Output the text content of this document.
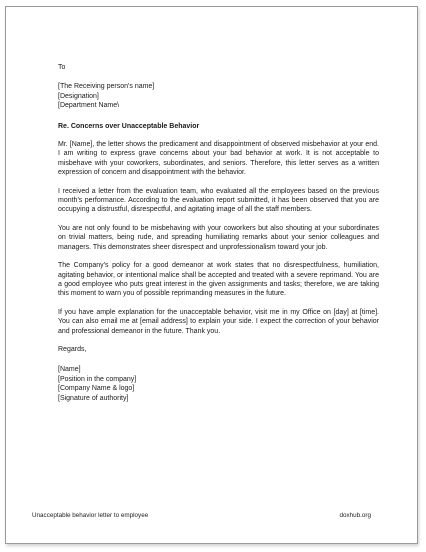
To

[The Receiving person's name]
[Designation]
[Department Name\

Re. Concerns over Unacceptable Behavior

Mr. [Name], the letter shows the predicament and disappointment of observed misbehavior at your end. I am writing to express grave concerns about your bad behavior at work. It is not acceptable to misbehave with your coworkers, subordinates, and seniors. Therefore, this letter serves as a written expression of concern and disappointment with the behavior.

I received a letter from the evaluation team, who evaluated all the employees based on the previous month's performance. According to the evaluation report submitted, it has been observed that you are occupying a distrustful, disrespectful, and agitating image of all the staff members.

You are not only found to be misbehaving with your coworkers but also shouting at your subordinates on trivial matters, being rude, and spreading humiliating remarks about your senior colleagues and managers. This demonstrates sheer disrespect and unprofessionalism toward your job.

The Company's policy for a good demeanor at work states that no disrespectfulness, humiliation, agitating behavior, or intentional malice shall be accepted and treated with a severe reprimand. You are a good employee who puts great interest in the given assignments and tasks; therefore, we are taking this moment to warn you of possible reprimanding measures in the future.

If you have ample explanation for the unacceptable behavior, visit me in my Office on [day] at [time]. You can also email me at [email address] to explain your side. I expect the correction of your behavior and professional demeanor in the future. Thank you.

Regards,

[Name]
[Position in the company]
[Company Name & logo]
[Signature of authority]
Unacceptable behavior letter to employee	doxhub.org
